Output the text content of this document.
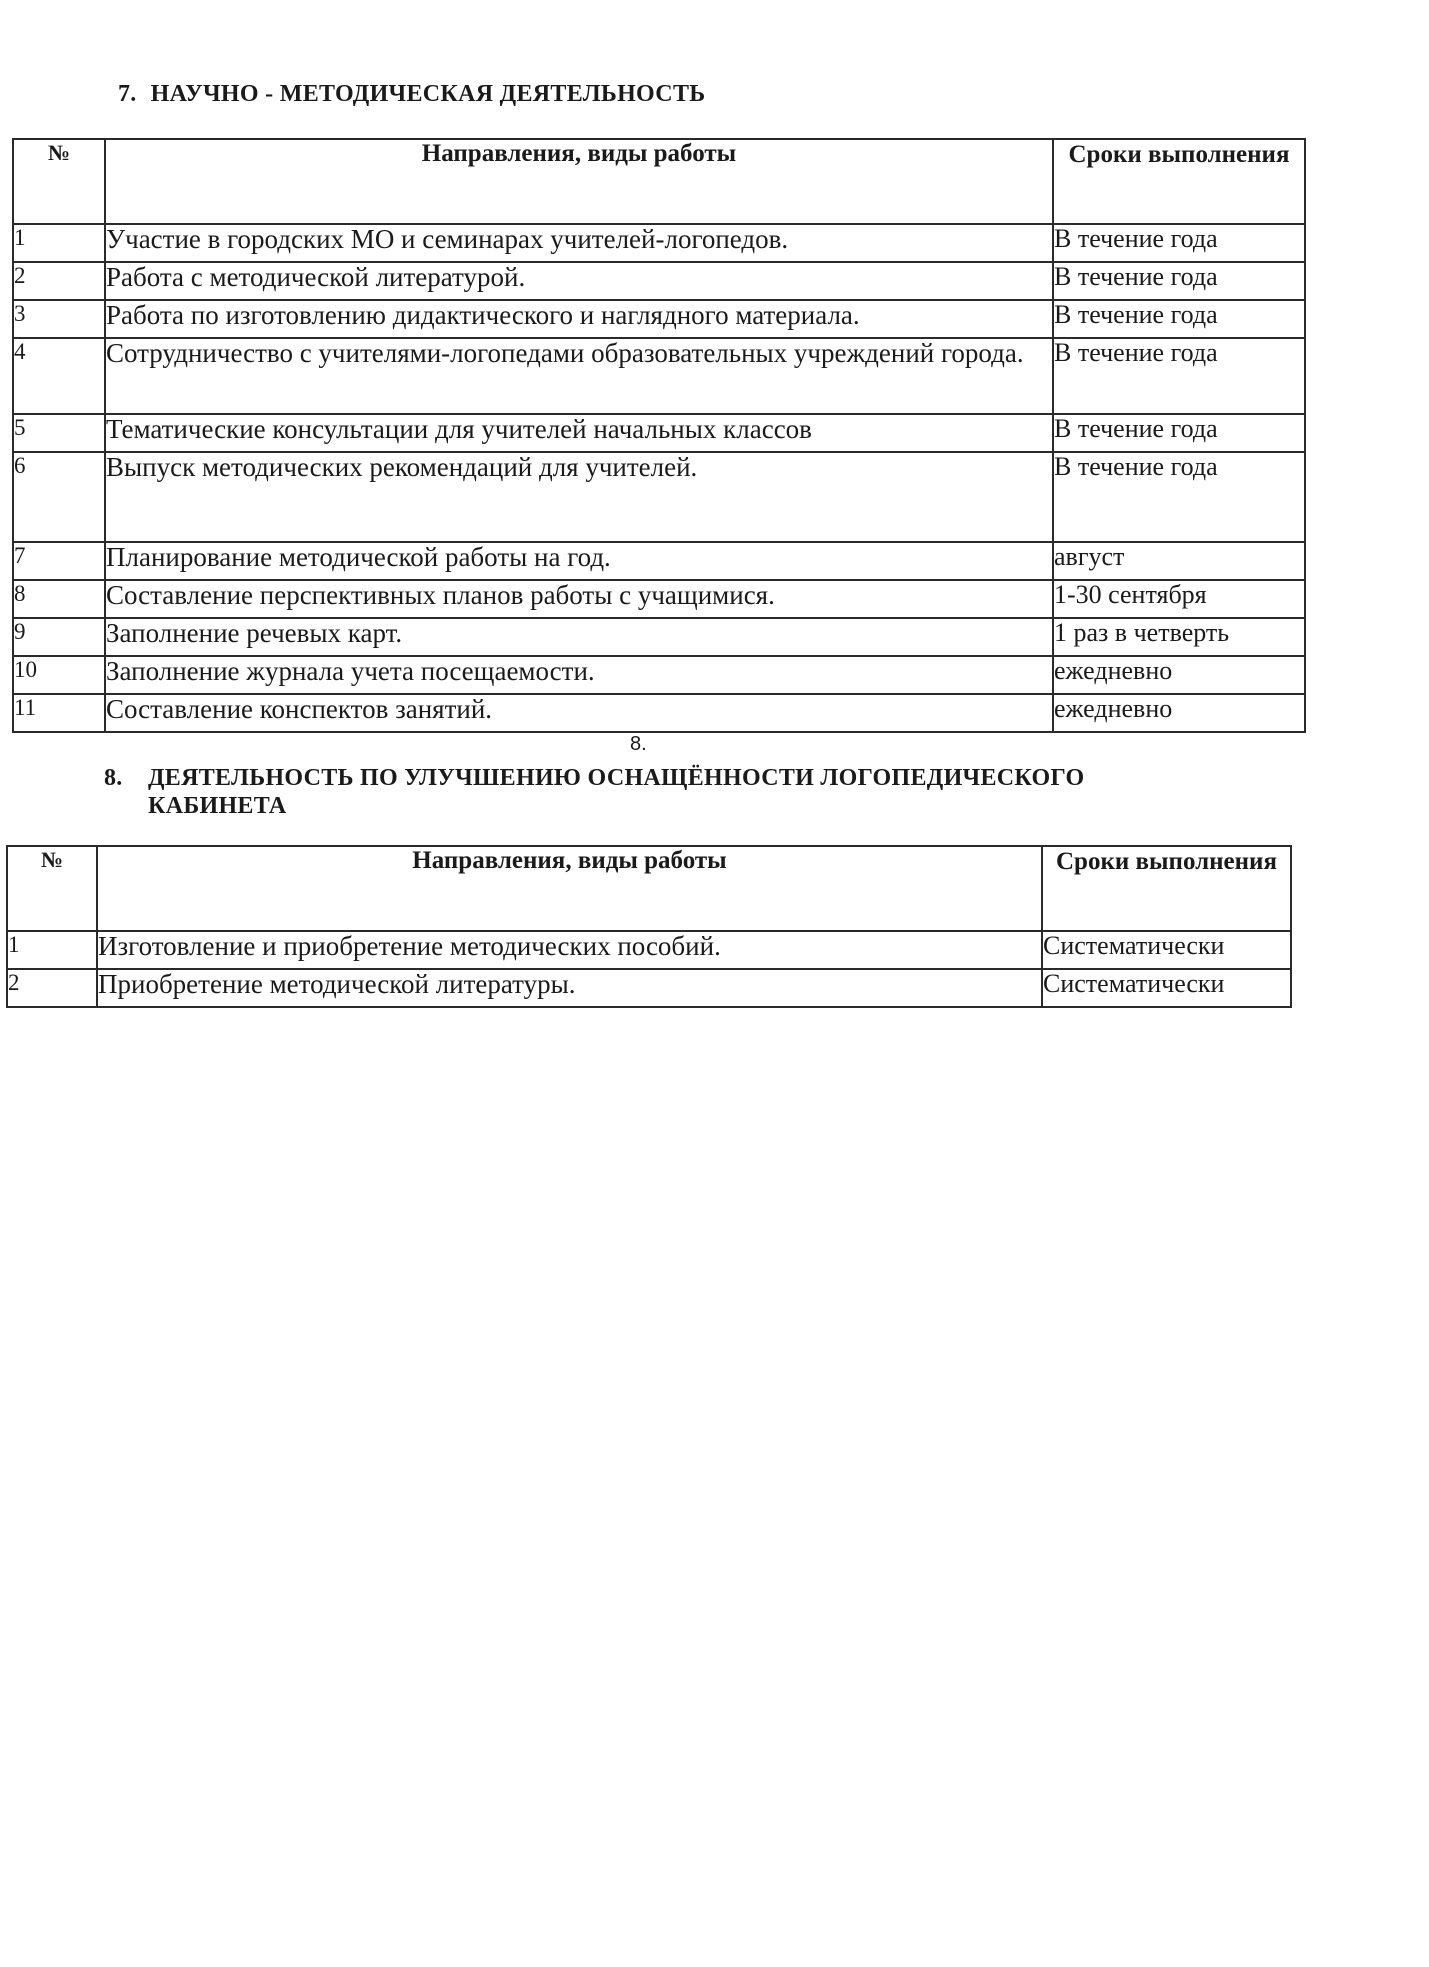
7. НАУЧНО - МЕТОДИЧЕСКАЯ ДЕЯТЕЛЬНОСТЬ
№	Направления, виды работы	Сроки выполнения
1	Участие в городских МО и семинарах учителей-логопедов.	В течение года
2	Работа с методической литературой.	В течение года
3	Работа по изготовлению дидактического и наглядного материала.	В течение года
4	Сотрудничество с учителями-логопедами образовательных учреждений города.	В течение года
5	Тематические консультации для учителей начальных классов	В течение года
6	Выпуск методических рекомендаций для учителей.	В течение года
7	Планирование методической работы на год.	август
8	Составление перспективных планов работы с учащимися.	1-30 сентября
9	Заполнение речевых карт.	1 раз в четверть
10	Заполнение журнала учета посещаемости.	ежедневно
11	Составление конспектов занятий.	ежедневно
8.
8. ДЕЯТЕЛЬНОСТЬ ПО УЛУЧШЕНИЮ ОСНАЩЁННОСТИ ЛОГОПЕДИЧЕСКОГО
КАБИНЕТА
№	Направления, виды работы	Сроки выполнения
1	Изготовление и приобретение методических пособий.	Систематически
2	Приобретение методической литературы.	Систематически
